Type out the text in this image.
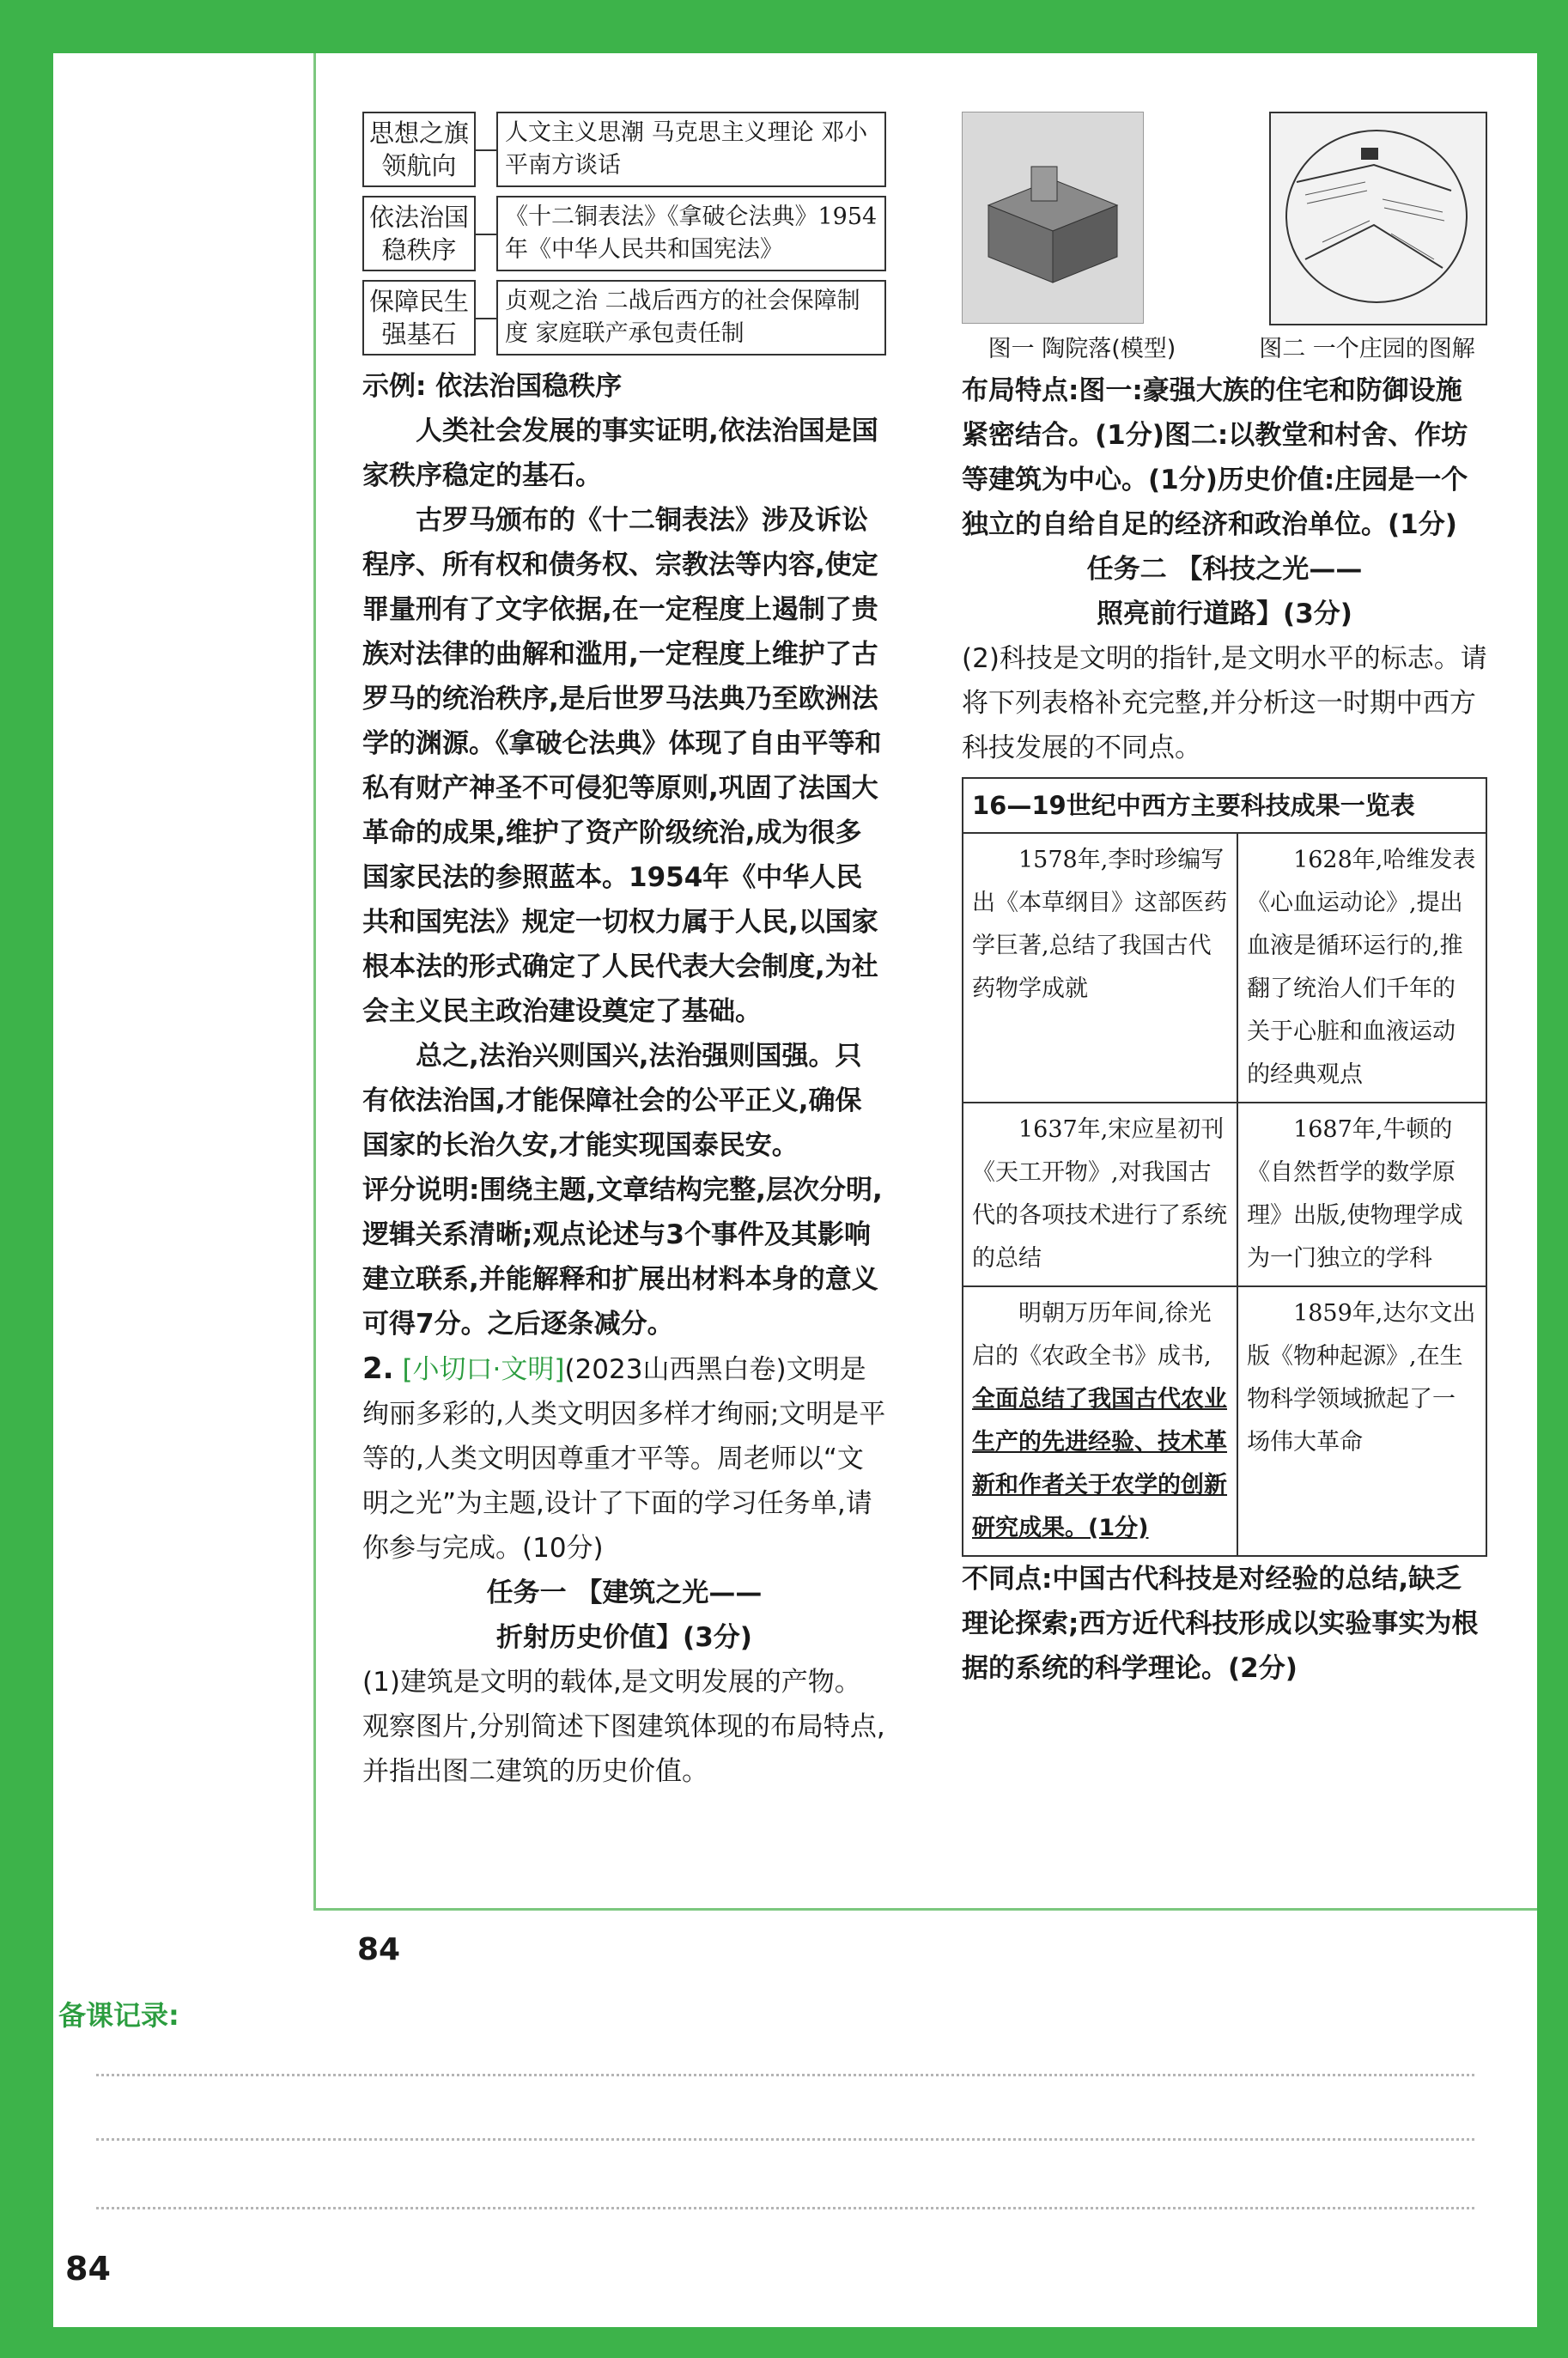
思想之旗领航向
人文主义思潮 马克思主义理论 邓小平南方谈话
依法治国稳秩序
《十二铜表法》《拿破仑法典》1954年《中华人民共和国宪法》
保障民生强基石
贞观之治 二战后西方的社会保障制度 家庭联产承包责任制

示例: 依法治国稳秩序

人类社会发展的事实证明,依法治国是国家秩序稳定的基石。

古罗马颁布的《十二铜表法》涉及诉讼程序、所有权和债务权、宗教法等内容,使定罪量刑有了文字依据,在一定程度上遏制了贵族对法律的曲解和滥用,一定程度上维护了古罗马的统治秩序,是后世罗马法典乃至欧洲法学的渊源。《拿破仑法典》体现了自由平等和私有财产神圣不可侵犯等原则,巩固了法国大革命的成果,维护了资产阶级统治,成为很多国家民法的参照蓝本。1954年《中华人民共和国宪法》规定一切权力属于人民,以国家根本法的形式确定了人民代表大会制度,为社会主义民主政治建设奠定了基础。

总之,法治兴则国兴,法治强则国强。只有依法治国,才能保障社会的公平正义,确保国家的长治久安,才能实现国泰民安。

评分说明:围绕主题,文章结构完整,层次分明,逻辑关系清晰;观点论述与3个事件及其影响建立联系,并能解释和扩展出材料本身的意义可得7分。之后逐条减分。

2. [小切口·文明](2023山西黑白卷)文明是绚丽多彩的,人类文明因多样才绚丽;文明是平等的,人类文明因尊重才平等。周老师以“文明之光”为主题,设计了下面的学习任务单,请你参与完成。(10分)

任务一 【建筑之光——

折射历史价值】(3分)

(1)建筑是文明的载体,是文明发展的产物。观察图片,分别简述下图建筑体现的布局特点,并指出图二建筑的历史价值。

图一 陶院落(模型)	图二 一个庄园的图解

布局特点:图一:豪强大族的住宅和防御设施紧密结合。(1分)图二:以教堂和村舍、作坊等建筑为中心。(1分)历史价值:庄园是一个独立的自给自足的经济和政治单位。(1分)

任务二 【科技之光——

照亮前行道路】(3分)

(2)科技是文明的指针,是文明水平的标志。请将下列表格补充完整,并分析这一时期中西方科技发展的不同点。

16—19世纪中西方主要科技成果一览表	
1578年,李时珍编写出《本草纲目》这部医药学巨著,总结了我国古代药物学成就	1628年,哈维发表《心血运动论》,提出血液是循环运行的,推翻了统治人们千年的关于心脏和血液运动的经典观点
1637年,宋应星初刊《天工开物》,对我国古代的各项技术进行了系统的总结	1687年,牛顿的《自然哲学的数学原理》出版,使物理学成为一门独立的学科
明朝万历年间,徐光启的《农政全书》成书,全面总结了我国古代农业生产的先进经验、技术革新和作者关于农学的创新研究成果。(1分)	1859年,达尔文出版《物种起源》,在生物科学领域掀起了一场伟大革命

不同点:中国古代科技是对经验的总结,缺乏理论探索;西方近代科技形成以实验事实为根据的系统的科学理论。(2分)

84
备课记录:
84
